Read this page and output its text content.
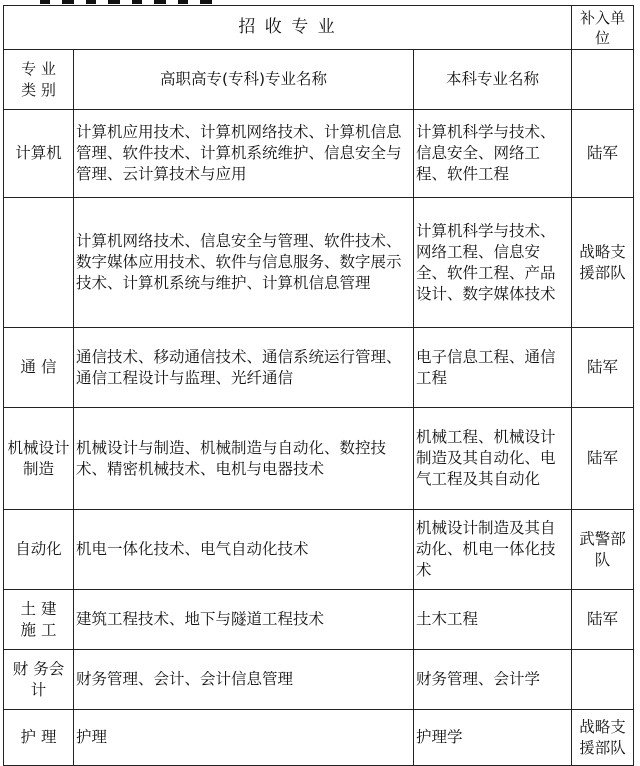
招 收 专 业			补入单位
专 业 类 别	高职高专(专科)专业名称	本科专业名称	
计算机	计算机应用技术、计算机网络技术、计算机信息管理、软件技术、计算机系统维护、信息安全与管理、云计算技术与应用	计算机科学与技术、信息安全、网络工程、软件工程	陆军
	计算机网络技术、信息安全与管理、软件技术、数字媒体应用技术、软件与信息服务、数字展示技术、计算机系统与维护、计算机信息管理	计算机科学与技术、网络工程、信息安全、软件工程、产品设计、数字媒体技术	战略支援部队
通 信	通信技术、移动通信技术、通信系统运行管理、通信工程设计与监理、光纤通信	电子信息工程、通信工程	陆军
机械设计制造	机械设计与制造、机械制造与自动化、数控技术、精密机械技术、电机与电器技术	机械工程、机械设计制造及其自动化、电气工程及其自动化	陆军
自动化	机电一体化技术、电气自动化技术	机械设计制造及其自动化、机电一体化技术	武警部队
土 建 施 工	建筑工程技术、地下与隧道工程技术	土木工程	陆军
财 务会计	财务管理、会计、会计信息管理	财务管理、会计学	
护 理	护理	护理学	战略支援部队
